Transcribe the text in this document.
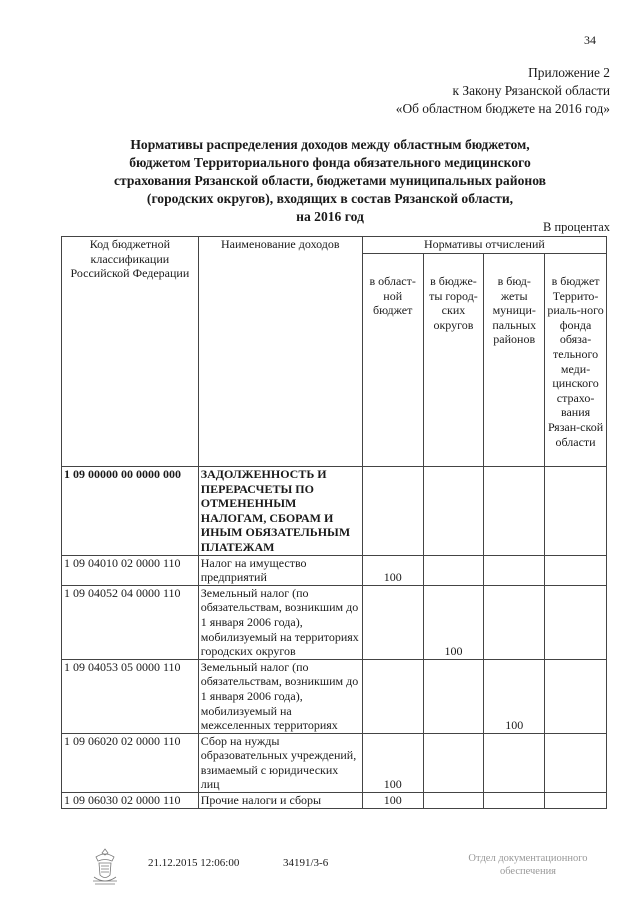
34
Приложение 2
к Закону Рязанской области
«Об областном бюджете на 2016 год»
Нормативы распределения доходов между областным бюджетом,
бюджетом Территориального фонда обязательного медицинского
страхования Рязанской области, бюджетами муниципальных районов
(городских округов), входящих в состав Рязанской области,
на 2016 год
В процентах
Код бюджетной классификации Российской Федерации	Наименование доходов	Нормативы отчислений			
		в област-ной бюджет	в бюдже-ты город-ских округов	в бюд-жеты муници-пальных районов	в бюджет Террито-риаль-ного фонда обяза-тельного меди-цинского страхо-вания Рязан-ской области
1 09 00000 00 0000 000	ЗАДОЛЖЕННОСТЬ И ПЕРЕРАСЧЕТЫ ПО ОТМЕНЕННЫМ НАЛОГАМ, СБОРАМ И ИНЫМ ОБЯЗАТЕЛЬНЫМ ПЛАТЕЖАМ				
1 09 04010 02 0000 110	Налог на имущество предприятий	100			
1 09 04052 04 0000 110	Земельный налог (по обязательствам, возникшим до 1 января 2006 года), мобилизуемый на территориях городских округов		100		
1 09 04053 05 0000 110	Земельный налог (по обязательствам, возникшим до 1 января 2006 года), мобилизуемый на межселенных территориях			100	
1 09 06020 02 0000 110	Сбор на нужды образовательных учреждений, взимаемый с юридических лиц	100			
1 09 06030 02 0000 110	Прочие налоги и сборы	100			
21.12.2015 12:06:00	34191/3-6	Отдел документационного
обеспечения
